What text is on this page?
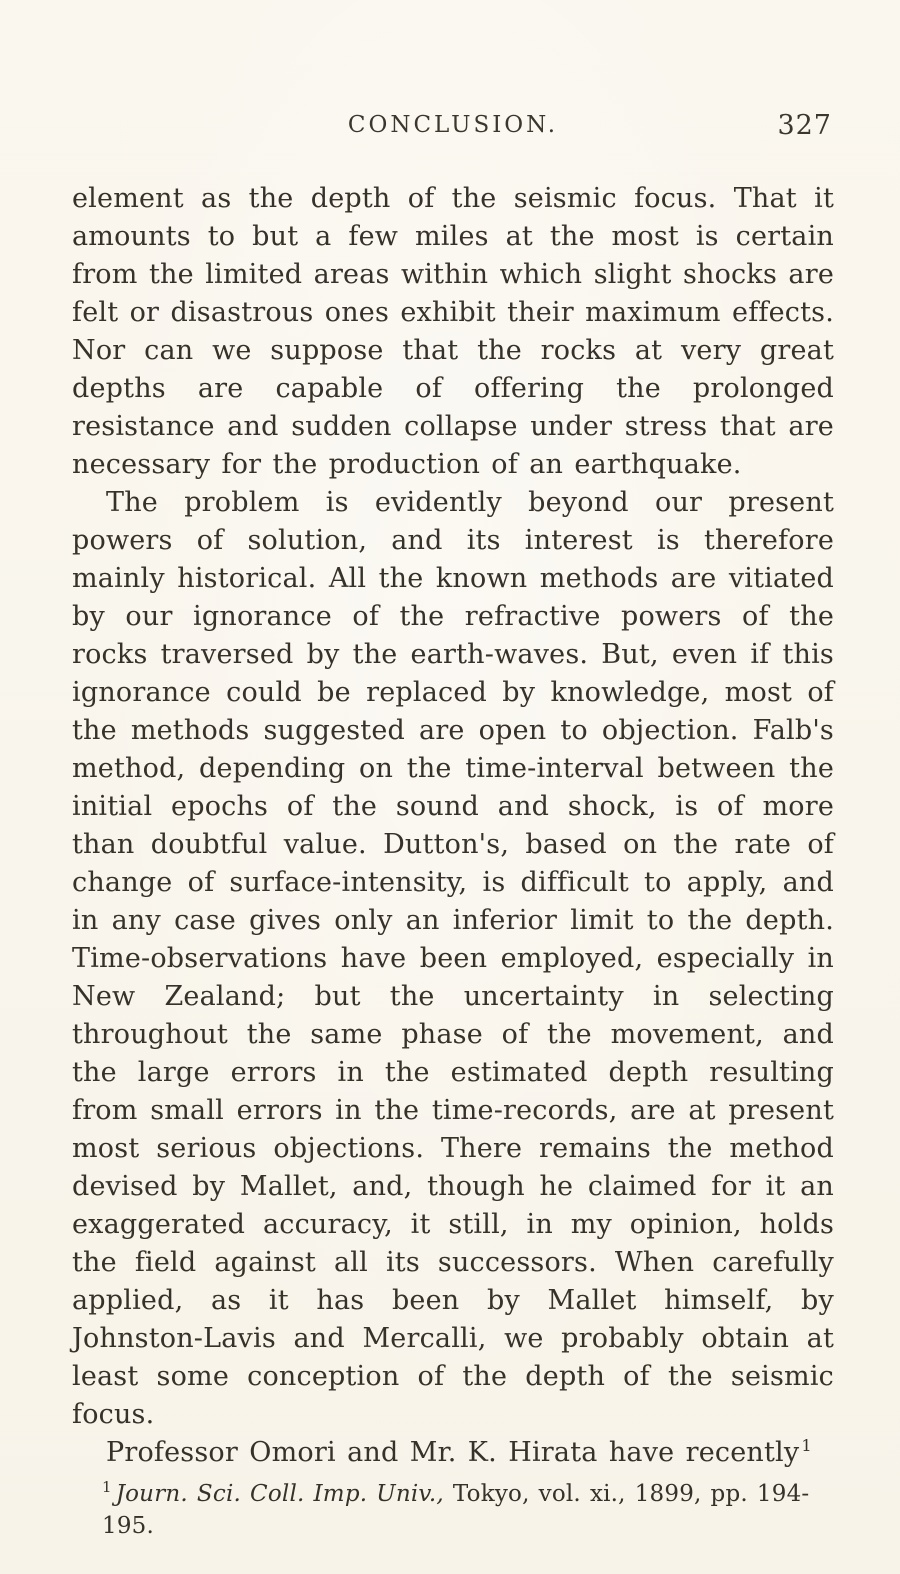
CONCLUSION.	327

element as the depth of the seismic focus. That it amounts to but a few miles at the most is certain from the limited areas within which slight shocks are felt or disastrous ones exhibit their maximum effects. Nor can we suppose that the rocks at very great depths are capable of offering the prolonged resistance and sudden collapse under stress that are necessary for the production of an earthquake.

The problem is evidently beyond our present powers of solution, and its interest is therefore mainly historical. All the known methods are vitiated by our ignorance of the refractive powers of the rocks traversed by the earth-waves. But, even if this ignorance could be replaced by knowledge, most of the methods suggested are open to objection. Falb's method, depending on the time-interval between the initial epochs of the sound and shock, is of more than doubtful value. Dutton's, based on the rate of change of surface-intensity, is difficult to apply, and in any case gives only an inferior limit to the depth. Time-observations have been employed, especially in New Zealand; but the uncertainty in selecting throughout the same phase of the movement, and the large errors in the estimated depth resulting from small errors in the time-records, are at present most serious objections. There remains the method devised by Mallet, and, though he claimed for it an exaggerated accuracy, it still, in my opinion, holds the field against all its successors. When carefully applied, as it has been by Mallet himself, by Johnston-Lavis and Mercalli, we probably obtain at least some conception of the depth of the seismic focus.

Professor Omori and Mr. K. Hirata have recently $^1$

$^1$ Journ. Sci. Coll. Imp. Univ., Tokyo, vol. xi., 1899, pp. 194-195.
